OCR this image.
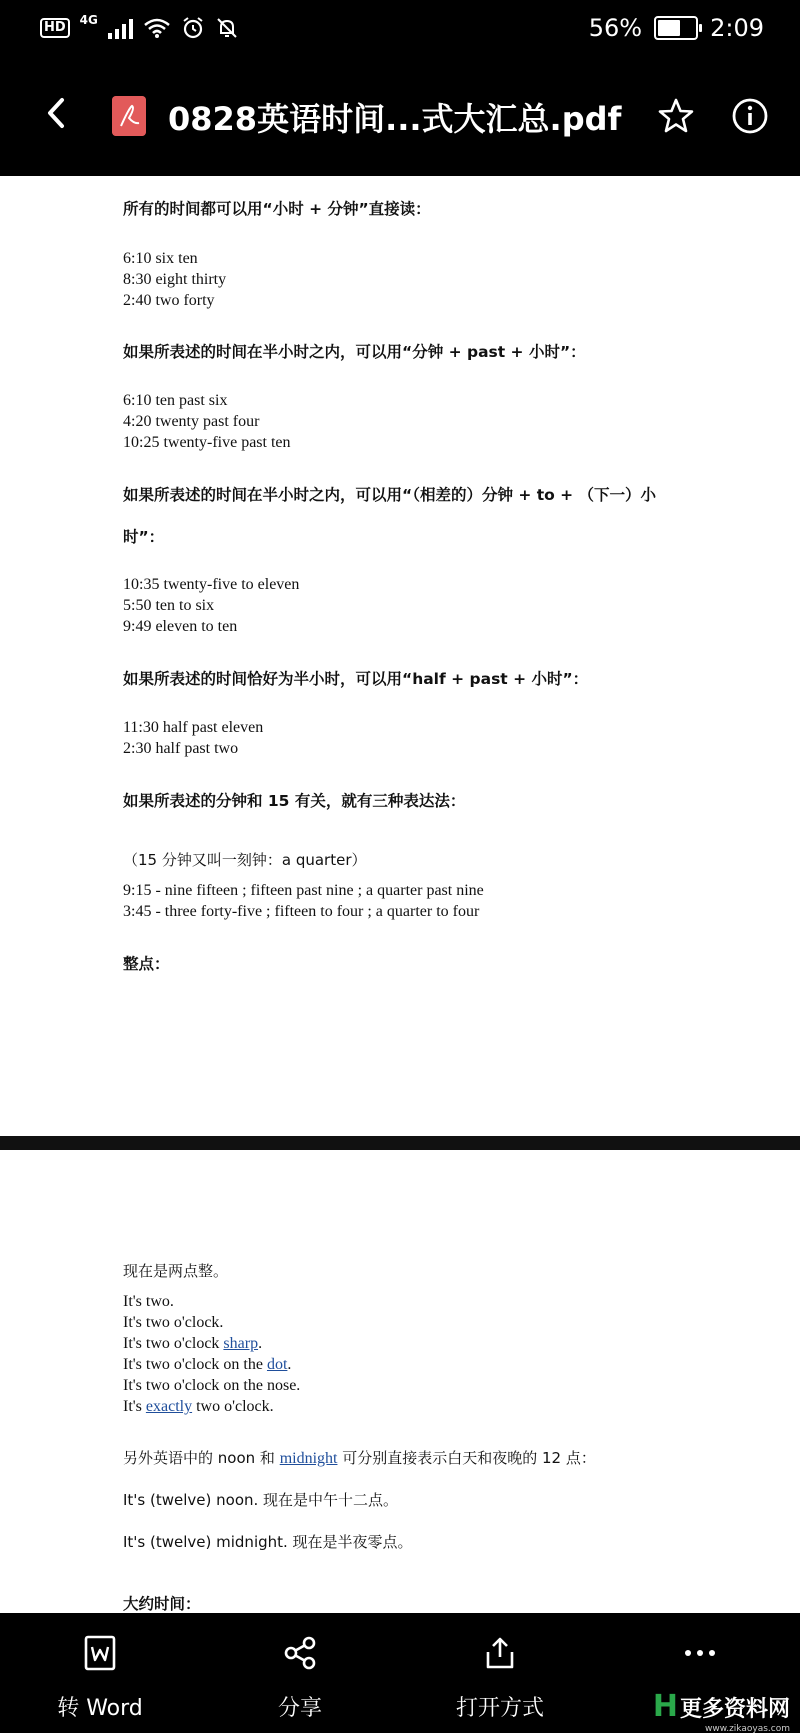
HD	4G	56%	2:09
0828英语时间...式大汇总.pdf
所有的时间都可以用“小时 + 分钟”直接读：
6:10 six ten
8:30 eight thirty
2:40 two forty
如果所表述的时间在半小时之内，可以用“分钟 + past + 小时”：
6:10 ten past six
4:20 twenty past four
10:25 twenty-five past ten
如果所表述的时间在半小时之内，可以用“（相差的）分钟 + to + （下一）小
时”：
10:35 twenty-five to eleven
5:50 ten to six
9:49 eleven to ten
如果所表述的时间恰好为半小时，可以用“half + past + 小时”：
11:30 half past eleven
2:30 half past two
如果所表述的分钟和 15 有关，就有三种表达法：
（15 分钟又叫一刻钟：a quarter）
9:15 - nine fifteen ; fifteen past nine ; a quarter past nine
3:45 - three forty-five ; fifteen to four ; a quarter to four
整点：
现在是两点整。
It's two.
It's two o'clock.
It's two o'clock sharp.
It's two o'clock on the dot.
It's two o'clock on the nose.
It's exactly two o'clock.
另外英语中的 noon 和 midnight 可分别直接表示白天和夜晚的 12 点：
It's (twelve) noon. 现在是中午十二点。
It's (twelve) midnight. 现在是半夜零点。
大约时间：
转 Word	分享	打开方式	H更多资料网
www.zikaoyas.com
